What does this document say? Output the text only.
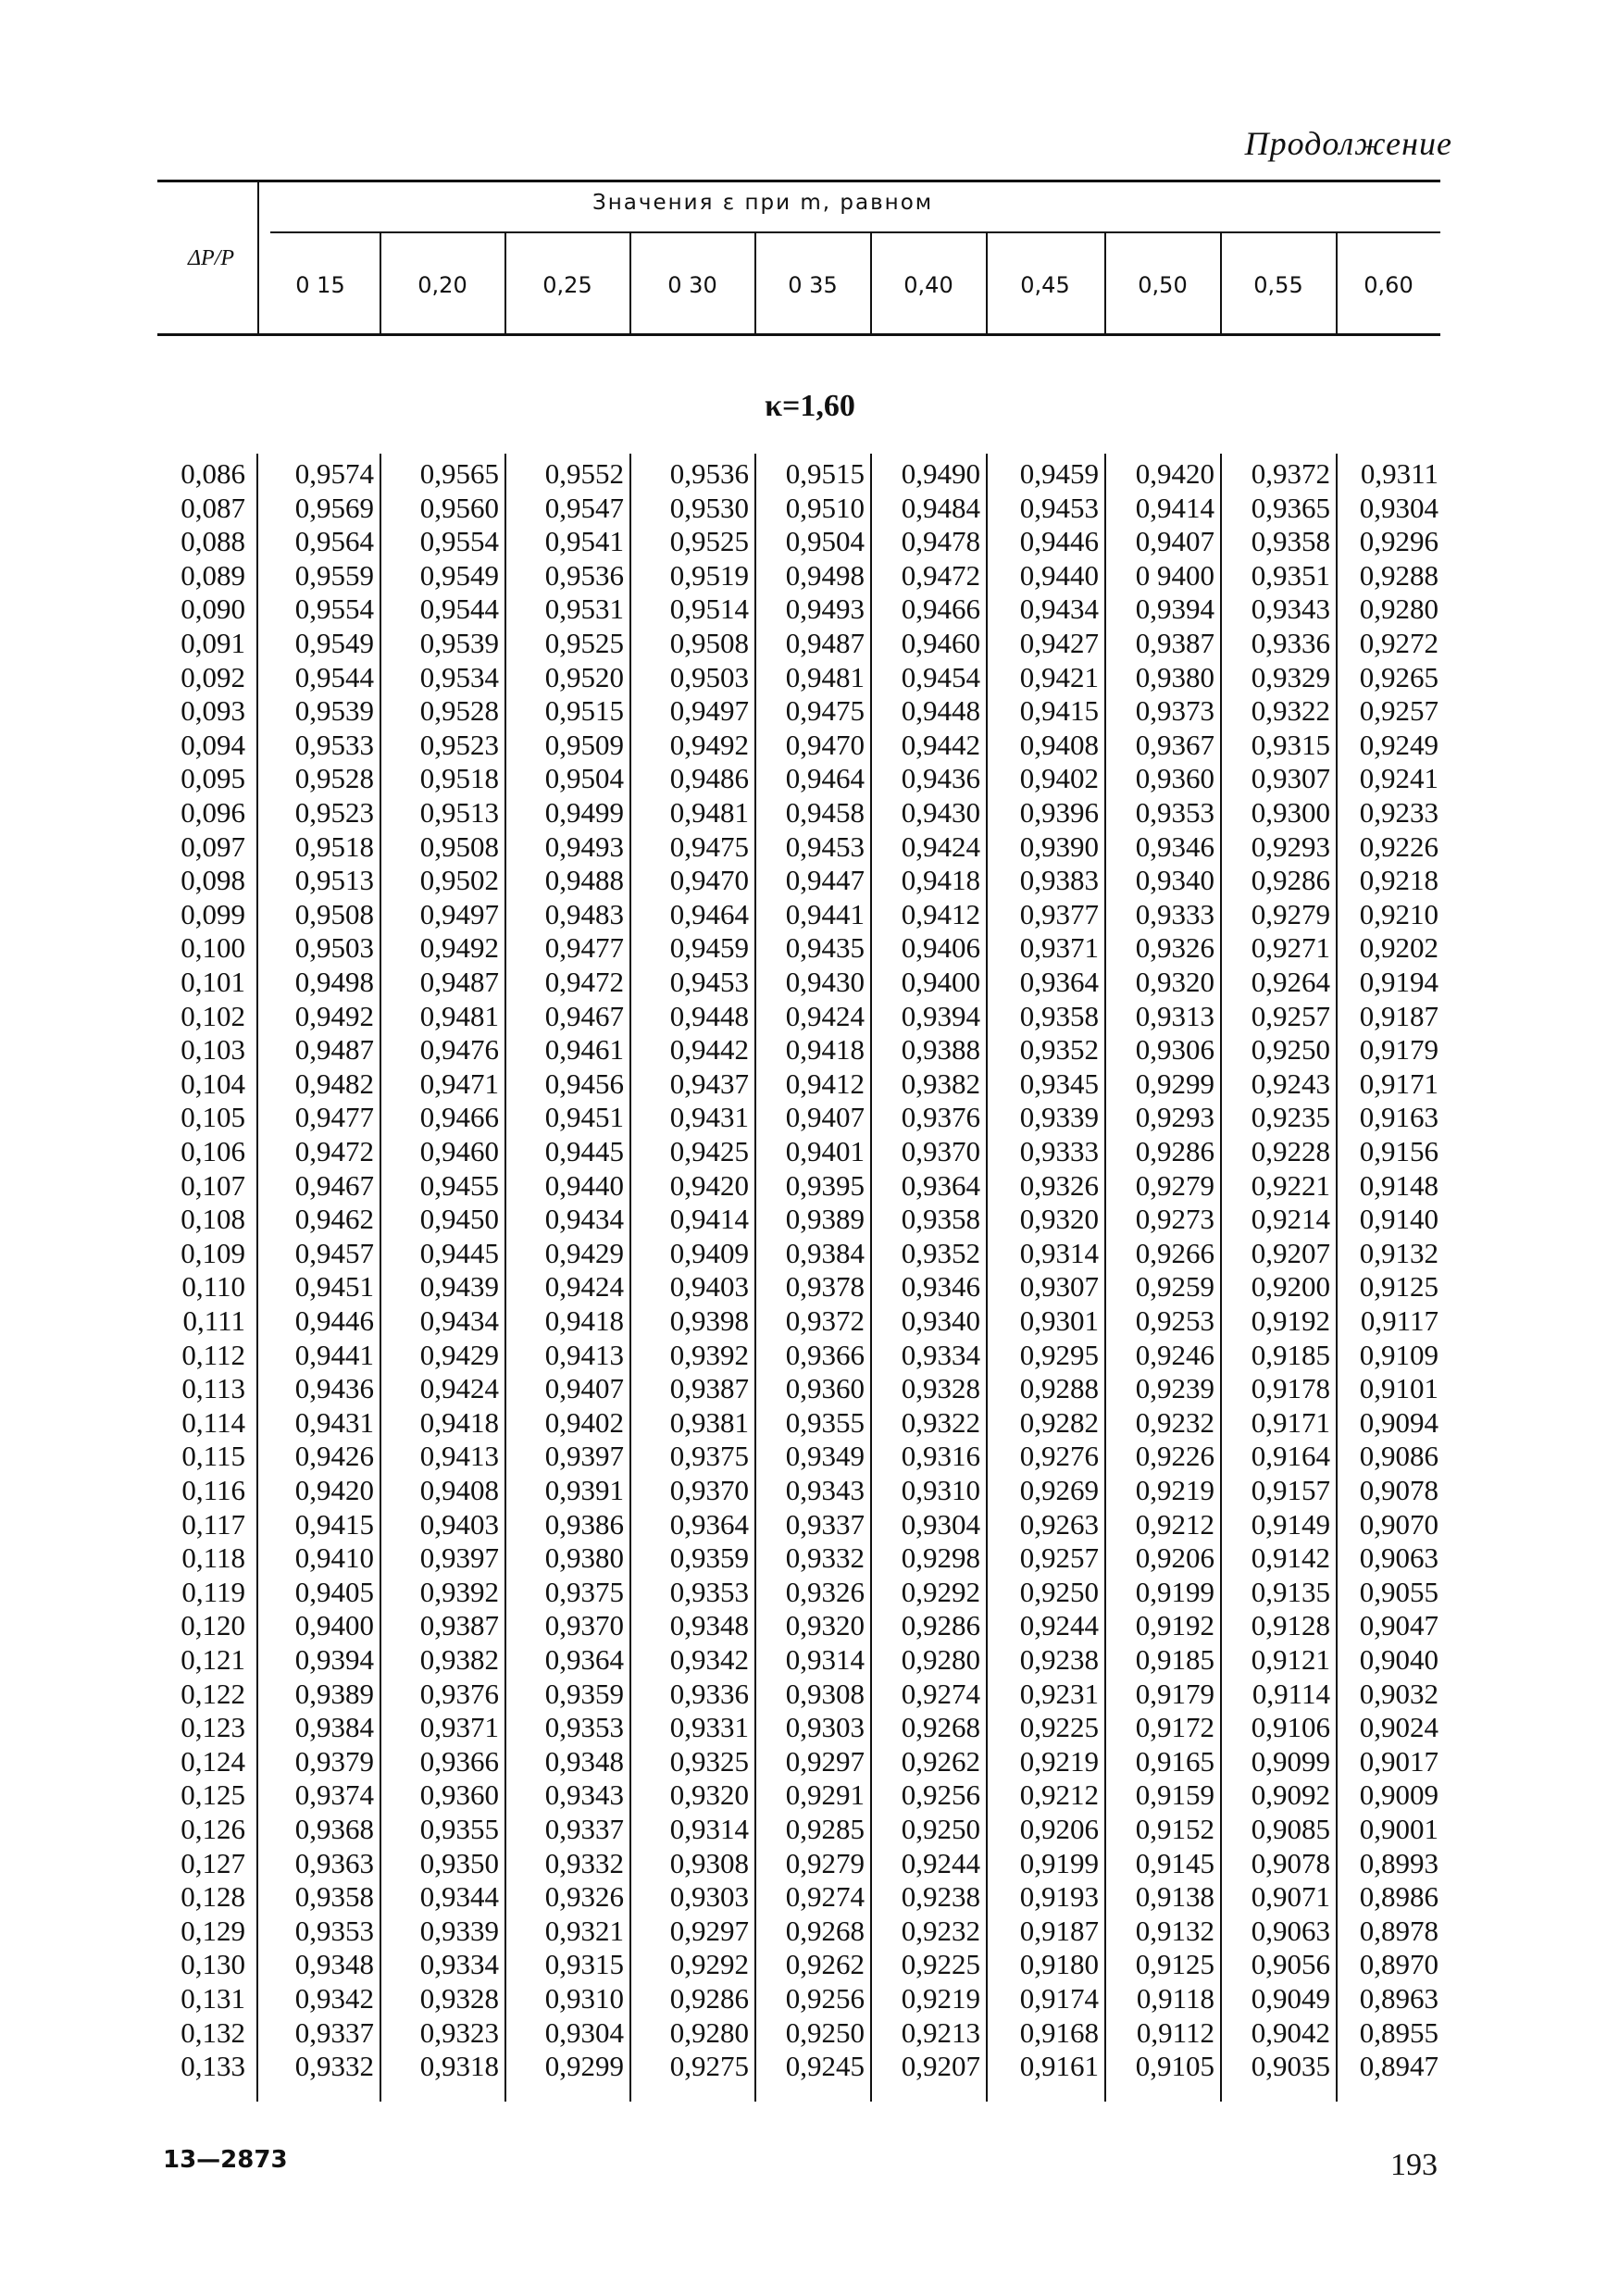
Продолжение
ΔP/P
Значения ε при m, равном
0 15	0,20	0,25	0 30	0 35	0,40	0,45	0,50	0,55	0,60
κ=1,60
0,086	0,9574	0,9565	0,9552	0,9536	0,9515	0,9490	0,9459	0,9420	0,9372	0,9311
0,087	0,9569	0,9560	0,9547	0,9530	0,9510	0,9484	0,9453	0,9414	0,9365	0,9304
0,088	0,9564	0,9554	0,9541	0,9525	0,9504	0,9478	0,9446	0,9407	0,9358	0,9296
0,089	0,9559	0,9549	0,9536	0,9519	0,9498	0,9472	0,9440	0 9400	0,9351	0,9288
0,090	0,9554	0,9544	0,9531	0,9514	0,9493	0,9466	0,9434	0,9394	0,9343	0,9280
0,091	0,9549	0,9539	0,9525	0,9508	0,9487	0,9460	0,9427	0,9387	0,9336	0,9272
0,092	0,9544	0,9534	0,9520	0,9503	0,9481	0,9454	0,9421	0,9380	0,9329	0,9265
0,093	0,9539	0,9528	0,9515	0,9497	0,9475	0,9448	0,9415	0,9373	0,9322	0,9257
0,094	0,9533	0,9523	0,9509	0,9492	0,9470	0,9442	0,9408	0,9367	0,9315	0,9249
0,095	0,9528	0,9518	0,9504	0,9486	0,9464	0,9436	0,9402	0,9360	0,9307	0,9241
0,096	0,9523	0,9513	0,9499	0,9481	0,9458	0,9430	0,9396	0,9353	0,9300	0,9233
0,097	0,9518	0,9508	0,9493	0,9475	0,9453	0,9424	0,9390	0,9346	0,9293	0,9226
0,098	0,9513	0,9502	0,9488	0,9470	0,9447	0,9418	0,9383	0,9340	0,9286	0,9218
0,099	0,9508	0,9497	0,9483	0,9464	0,9441	0,9412	0,9377	0,9333	0,9279	0,9210
0,100	0,9503	0,9492	0,9477	0,9459	0,9435	0,9406	0,9371	0,9326	0,9271	0,9202
0,101	0,9498	0,9487	0,9472	0,9453	0,9430	0,9400	0,9364	0,9320	0,9264	0,9194
0,102	0,9492	0,9481	0,9467	0,9448	0,9424	0,9394	0,9358	0,9313	0,9257	0,9187
0,103	0,9487	0,9476	0,9461	0,9442	0,9418	0,9388	0,9352	0,9306	0,9250	0,9179
0,104	0,9482	0,9471	0,9456	0,9437	0,9412	0,9382	0,9345	0,9299	0,9243	0,9171
0,105	0,9477	0,9466	0,9451	0,9431	0,9407	0,9376	0,9339	0,9293	0,9235	0,9163
0,106	0,9472	0,9460	0,9445	0,9425	0,9401	0,9370	0,9333	0,9286	0,9228	0,9156
0,107	0,9467	0,9455	0,9440	0,9420	0,9395	0,9364	0,9326	0,9279	0,9221	0,9148
0,108	0,9462	0,9450	0,9434	0,9414	0,9389	0,9358	0,9320	0,9273	0,9214	0,9140
0,109	0,9457	0,9445	0,9429	0,9409	0,9384	0,9352	0,9314	0,9266	0,9207	0,9132
0,110	0,9451	0,9439	0,9424	0,9403	0,9378	0,9346	0,9307	0,9259	0,9200	0,9125
0,111	0,9446	0,9434	0,9418	0,9398	0,9372	0,9340	0,9301	0,9253	0,9192	0,9117
0,112	0,9441	0,9429	0,9413	0,9392	0,9366	0,9334	0,9295	0,9246	0,9185	0,9109
0,113	0,9436	0,9424	0,9407	0,9387	0,9360	0,9328	0,9288	0,9239	0,9178	0,9101
0,114	0,9431	0,9418	0,9402	0,9381	0,9355	0,9322	0,9282	0,9232	0,9171	0,9094
0,115	0,9426	0,9413	0,9397	0,9375	0,9349	0,9316	0,9276	0,9226	0,9164	0,9086
0,116	0,9420	0,9408	0,9391	0,9370	0,9343	0,9310	0,9269	0,9219	0,9157	0,9078
0,117	0,9415	0,9403	0,9386	0,9364	0,9337	0,9304	0,9263	0,9212	0,9149	0,9070
0,118	0,9410	0,9397	0,9380	0,9359	0,9332	0,9298	0,9257	0,9206	0,9142	0,9063
0,119	0,9405	0,9392	0,9375	0,9353	0,9326	0,9292	0,9250	0,9199	0,9135	0,9055
0,120	0,9400	0,9387	0,9370	0,9348	0,9320	0,9286	0,9244	0,9192	0,9128	0,9047
0,121	0,9394	0,9382	0,9364	0,9342	0,9314	0,9280	0,9238	0,9185	0,9121	0,9040
0,122	0,9389	0,9376	0,9359	0,9336	0,9308	0,9274	0,9231	0,9179	0,9114	0,9032
0,123	0,9384	0,9371	0,9353	0,9331	0,9303	0,9268	0,9225	0,9172	0,9106	0,9024
0,124	0,9379	0,9366	0,9348	0,9325	0,9297	0,9262	0,9219	0,9165	0,9099	0,9017
0,125	0,9374	0,9360	0,9343	0,9320	0,9291	0,9256	0,9212	0,9159	0,9092	0,9009
0,126	0,9368	0,9355	0,9337	0,9314	0,9285	0,9250	0,9206	0,9152	0,9085	0,9001
0,127	0,9363	0,9350	0,9332	0,9308	0,9279	0,9244	0,9199	0,9145	0,9078	0,8993
0,128	0,9358	0,9344	0,9326	0,9303	0,9274	0,9238	0,9193	0,9138	0,9071	0,8986
0,129	0,9353	0,9339	0,9321	0,9297	0,9268	0,9232	0,9187	0,9132	0,9063	0,8978
0,130	0,9348	0,9334	0,9315	0,9292	0,9262	0,9225	0,9180	0,9125	0,9056	0,8970
0,131	0,9342	0,9328	0,9310	0,9286	0,9256	0,9219	0,9174	0,9118	0,9049	0,8963
0,132	0,9337	0,9323	0,9304	0,9280	0,9250	0,9213	0,9168	0,9112	0,9042	0,8955
0,133	0,9332	0,9318	0,9299	0,9275	0,9245	0,9207	0,9161	0,9105	0,9035	0,8947
13—2873	193
